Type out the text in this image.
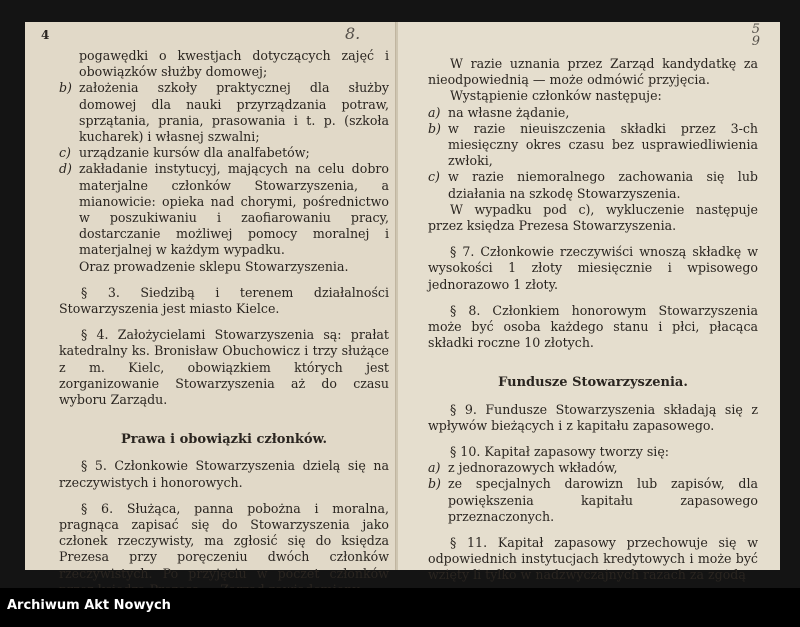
4	8.

pogawędki o kwestjach dotyczących zajęć i obowiązków służby domowej;

b) założenia szkoły praktycznej dla służby domowej dla nauki przyrządzania potraw, sprzątania, prania, prasowania i t. p. (szkoła kucharek) i własnej szwalni;

c) urządzanie kursów dla analfabetów;

d) zakładanie instytucyj, mających na celu dobro materjalne członków Stowarzyszenia, a mianowicie: opieka nad chorymi, pośrednictwo w poszukiwaniu i zaofiarowaniu pracy, dostarczanie możliwej pomocy moralnej i materjalnej w każdym wypadku.

Oraz prowadzenie sklepu Stowarzyszenia.

§ 3. Siedzibą i terenem działalności Stowarzyszenia jest miasto Kielce.

§ 4. Założycielami Stowarzyszenia są: prałat katedralny ks. Bronisław Obuchowicz i trzy służące z m. Kielc, obowiązkiem których jest zorganizowanie Stowarzyszenia aż do czasu wyboru Zarządu.

Prawa i obowiązki członków.

§ 5. Członkowie Stowarzyszenia dzielą się na rzeczywistych i honorowych.

§ 6. Służąca, panna pobożna i moralna, pragnąca zapisać się do Stowarzyszenia jako członek rzeczywisty, ma zgłosić się do księdza Prezesa przy poręczeniu dwóch członków rzeczywistych. Po przyjęciu w poczet członków

5
9

W razie uznania przez Zarząd kandydatkę za nieodpowiednią — może odmówić przyjęcia.

Wystąpienie członków następuje:

a) na własne żądanie,

b) w razie nieuiszczenia składki przez 3-ch miesięczny okres czasu bez usprawiedliwienia zwłoki,

c) w razie niemoralnego zachowania się lub działania na szkodę Stowarzyszenia.

W wypadku pod c), wykluczenie następuje przez księdza Prezesa Stowarzyszenia.

§ 7. Członkowie rzeczywiści wnoszą składkę w wysokości 1 złoty miesięcznie i wpisowego jednorazowo 1 złoty.

§ 8. Członkiem honorowym Stowarzyszenia może być osoba każdego stanu i płci, płacąca składki roczne 10 złotych.

Fundusze Stowarzyszenia.

§ 9. Fundusze Stowarzyszenia składają się z wpływów bieżących i z kapitału zapasowego.

§ 10. Kapitał zapasowy tworzy się:

a) z jednorazowych wkładów,

b) ze specjalnych darowizn lub zapisów, dla powiększenia kapitału zapasowego przeznaczonych.

§ 11. Kapitał zapasowy przechowuje się w odpowiednich instytucjach kredytowych i może być wzięty li tylko w nadzwyczajnych razach za zgodą

Archiwum Akt Nowych
